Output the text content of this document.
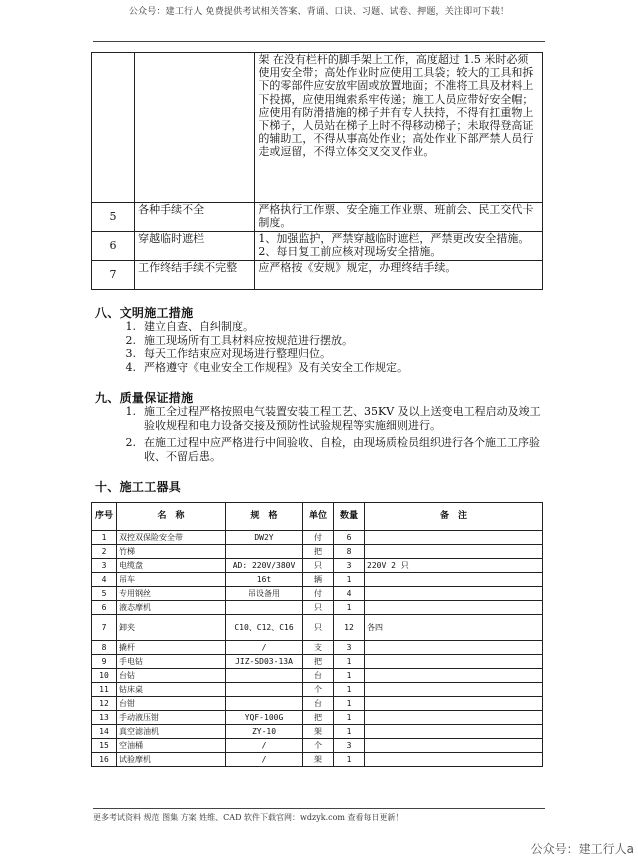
公众号：建工行人 免费提供考试相关答案、背诵、口诀、习题、试卷、押题，关注即可下载！
		架 在没有栏杆的脚手架上工作，高度超过 1.5 米时必须使用安全带；高处作业时应使用工具袋；较大的工具和拆下的零部件应安放牢固或放置地面；不准将工具及材料上下投掷，应使用绳索系牢传递；施工人员应带好安全帽；应使用有防滑措施的梯子并有专人扶持，不得有扛重物上下梯子，人员站在梯子上时不得移动梯子；未取得登高证的辅助工，不得从事高处作业；高处作业下部严禁人员行走或逗留，不得立体交叉交叉作业。
5	各种手续不全	严格执行工作票、安全施工作业票、班前会、民工交代卡制度。
6	穿越临时遮栏	1、加强监护，严禁穿越临时遮栏，严禁更改安全措施。2、每日复工前应核对现场安全措施。
7	工作终结手续不完整	应严格按《安规》规定，办理终结手续。
八、文明施工措施
1. 建立自查、自纠制度。
2. 施工现场所有工具材料应按规范进行摆放。
3. 每天工作结束应对现场进行整理归位。
4. 严格遵守《电业安全工作规程》及有关安全工作规定。
九、质量保证措施
1. 施工全过程严格按照电气装置安装工程工艺、35KV 及以上送变电工程启动及竣工验收规程和电力设备交接及预防性试验规程等实施细则进行。
2. 在施工过程中应严格进行中间验收、自检，由现场质检员组织进行各个施工工序验收、不留后患。
十、施工工器具
序号	名　称	规　格	单位	数量	备　注
1	双控双保险安全带	DW2Y	付	6	
2	竹梯		把	8	
3	电缆盘	AD: 220V/380V	只	3	220V 2 只
4	吊车	16t	辆	1	
5	专用钢丝	吊设备用	付	4	
6	液态摩机		只	1	
7	卸夹	C10、C12、C16	只	12	各四
8	撬杆	/	支	3	
9	手电钻	JIZ-SD03-13A	把	1	
10	台钻		台	1	
11	钻床桌		个	1	
12	台钳		台	1	
13	手动液压钳	YQF-100G	把	1	
14	真空滤油机	ZY-10	架	1	
15	空油桶	/	个	3	
16	试验摩机	/	架	1	
更多考试资料 规范 图集 方案 姓维、CAD 软件下载官网：wdzyk.com 查看每日更新！
公众号：建工行人a
